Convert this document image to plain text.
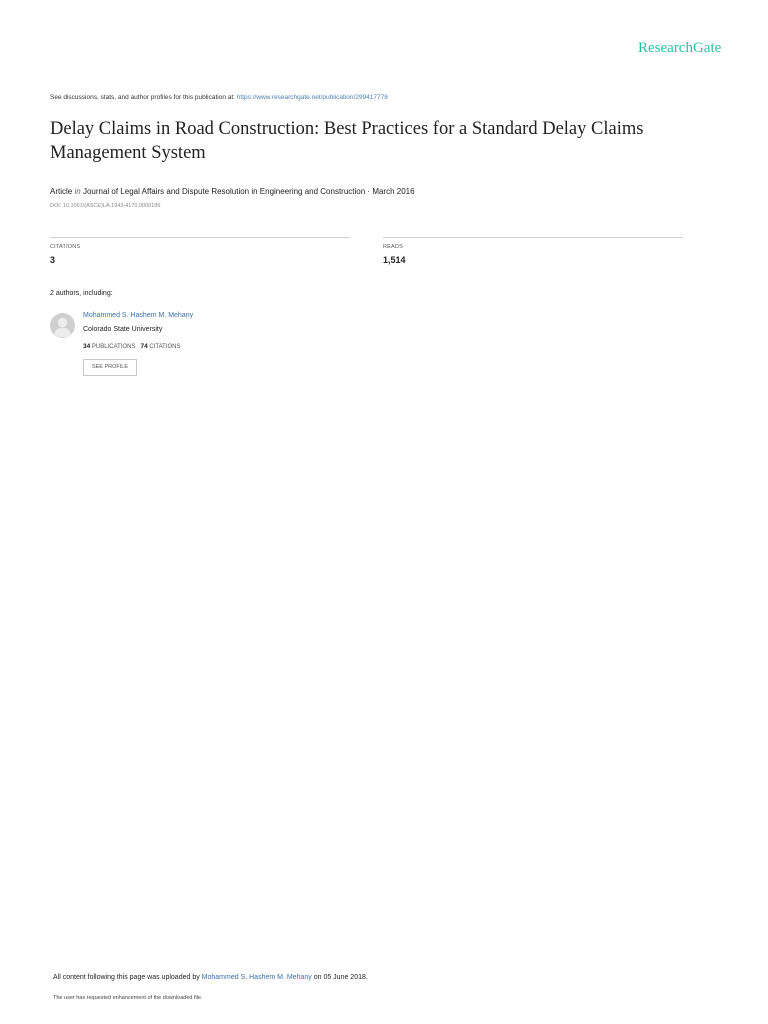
ResearchGate
See discussions, stats, and author profiles for this publication at: https://www.researchgate.net/publication/299417778
Delay Claims in Road Construction: Best Practices for a Standard Delay Claims Management System
Article in Journal of Legal Affairs and Dispute Resolution in Engineering and Construction · March 2016
DOI: 10.1061/(ASCE)LA.1943-4170.0000186
CITATIONS
3
READS
1,514
2 authors, including:
Mohammed S. Hashem M. Mehany
Colorado State University
34 PUBLICATIONS 74 CITATIONS
SEE PROFILE
All content following this page was uploaded by Mohammed S. Hashem M. Mehany on 05 June 2018.
The user has requested enhancement of the downloaded file.
